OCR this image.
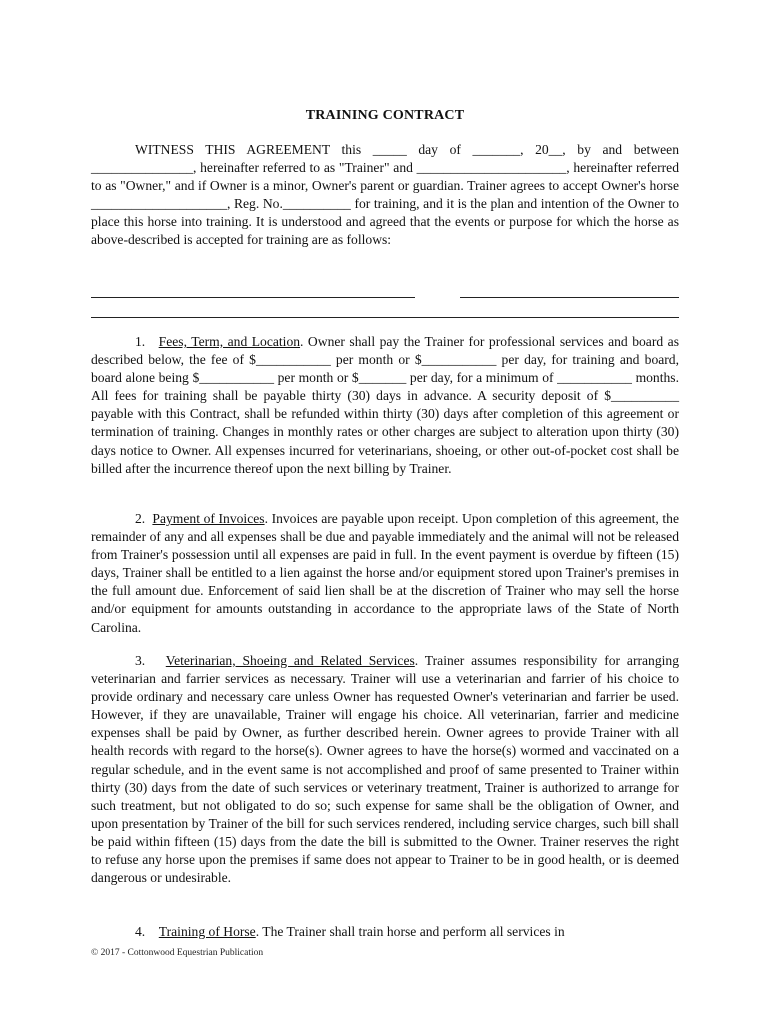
TRAINING CONTRACT

WITNESS THIS AGREEMENT this _____ day of _______, 20__, by and between _______________, hereinafter referred to as "Trainer" and ______________________, hereinafter referred to as "Owner," and if Owner is a minor, Owner's parent or guardian. Trainer agrees to accept Owner's horse ____________________, Reg. No.__________ for training, and it is the plan and intention of the Owner to place this horse into training. It is understood and agreed that the events or purpose for which the horse as above-described is accepted for training are as follows:

1. Fees, Term, and Location. Owner shall pay the Trainer for professional services and board as described below, the fee of $___________ per month or $___________ per day, for training and board, board alone being $___________ per month or $_______ per day, for a minimum of ___________ months. All fees for training shall be payable thirty (30) days in advance. A security deposit of $__________ payable with this Contract, shall be refunded within thirty (30) days after completion of this agreement or termination of training. Changes in monthly rates or other charges are subject to alteration upon thirty (30) days notice to Owner. All expenses incurred for veterinarians, shoeing, or other out-of-pocket cost shall be billed after the incurrence thereof upon the next billing by Trainer.

2. Payment of Invoices. Invoices are payable upon receipt. Upon completion of this agreement, the remainder of any and all expenses shall be due and payable immediately and the animal will not be released from Trainer's possession until all expenses are paid in full. In the event payment is overdue by fifteen (15) days, Trainer shall be entitled to a lien against the horse and/or equipment stored upon Trainer's premises in the full amount due. Enforcement of said lien shall be at the discretion of Trainer who may sell the horse and/or equipment for amounts outstanding in accordance to the appropriate laws of the State of North Carolina.

3. Veterinarian, Shoeing and Related Services. Trainer assumes responsibility for arranging veterinarian and farrier services as necessary. Trainer will use a veterinarian and farrier of his choice to provide ordinary and necessary care unless Owner has requested Owner's veterinarian and farrier be used. However, if they are unavailable, Trainer will engage his choice. All veterinarian, farrier and medicine expenses shall be paid by Owner, as further described herein. Owner agrees to provide Trainer with all health records with regard to the horse(s). Owner agrees to have the horse(s) wormed and vaccinated on a regular schedule, and in the event same is not accomplished and proof of same presented to Trainer within thirty (30) days from the date of such services or veterinary treatment, Trainer is authorized to arrange for such treatment, but not obligated to do so; such expense for same shall be the obligation of Owner, and upon presentation by Trainer of the bill for such services rendered, including service charges, such bill shall be paid within fifteen (15) days from the date the bill is submitted to the Owner. Trainer reserves the right to refuse any horse upon the premises if same does not appear to Trainer to be in good health, or is deemed dangerous or undesirable.

4. Training of Horse. The Trainer shall train horse and perform all services in

© 2017 - Cottonwood Equestrian Publication
